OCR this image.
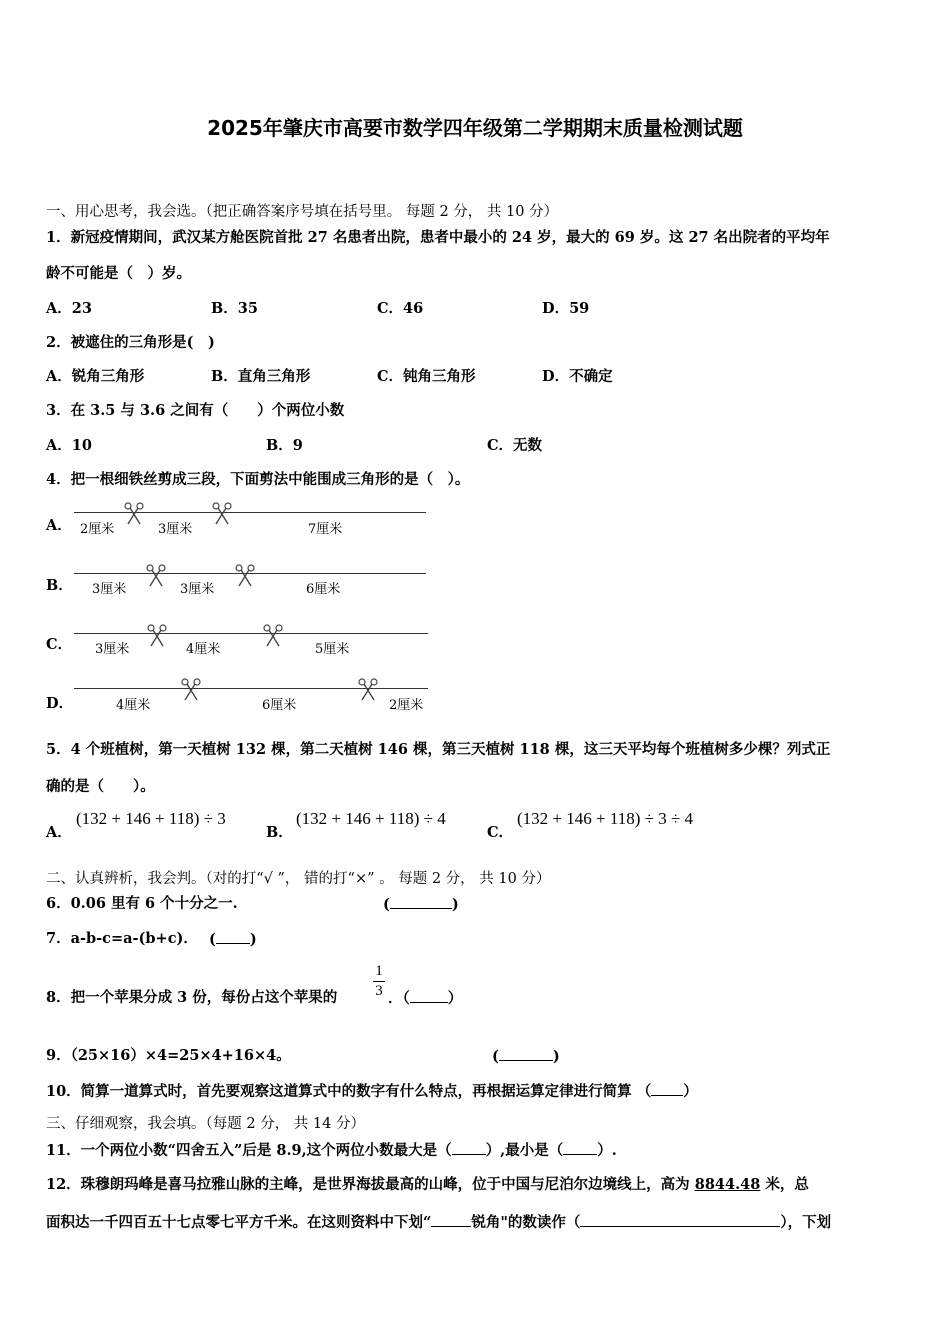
2025年肇庆市高要市数学四年级第二学期期末质量检测试题
一、用心思考，我会选。（把正确答案序号填在括号里。 每题 2 分， 共 10 分）
1．新冠疫情期间，武汉某方舱医院首批 27 名患者出院，患者中最小的 24 岁，最大的 69 岁。这 27 名出院者的平均年
龄不可能是（　）岁。
A．23	B．35	C．46	D．59
2．被遮住的三角形是(　)
A．锐角三角形	B．直角三角形	C．钝角三角形	D．不确定
3．在 3.5 与 3.6 之间有（　　）个两位小数
A．10	B．9	C．无数
4．把一根细铁丝剪成三段，下面剪法中能围成三角形的是（　）。
A． 2厘米	3厘米	7厘米
B． 3厘米	3厘米	6厘米
C． 3厘米	4厘米	5厘米
D．	4厘米	6厘米	2厘米
5．4 个班植树，第一天植树 132 棵，第二天植树 146 棵，第三天植树 118 棵，这三天平均每个班植树多少棵？列式正
确的是（　　）。
A．
(132 + 146 + 118) ÷ 3
B．
(132 + 146 + 118) ÷ 4
C．
(132 + 146 + 118) ÷ 3 ÷ 4
二、认真辨析，我会判。（对的打“√ ”， 错的打“×” 。 每题 2 分， 共 10 分）
6．0.06 里有 6 个十分之一.	(	)
7．a-b-c=a-(b+c)． ( )
8．把一个苹果分成 3 份，每份占这个苹果的
1
3 ．（	）
9．（25×16）×4=25×4+16×4。	(	)
10．简算一道算式时，首先要观察这道算式中的数字有什么特点，再根据运算定律进行简算 （ ）
三、仔细观察，我会填。（每题 2 分， 共 14 分）
11．一个两位小数“四舍五入”后是 8.9,这个两位小数最大是（ ）,最小是（ ）.
12．珠穆朗玛峰是喜马拉雅山脉的主峰，是世界海拔最高的山峰，位于中国与尼泊尔边境线上，高为 8844.48 米，总
面积达一千四百五十七点零七平方千米。在这则资料中下划“	锐角"的数读作（	），下划
